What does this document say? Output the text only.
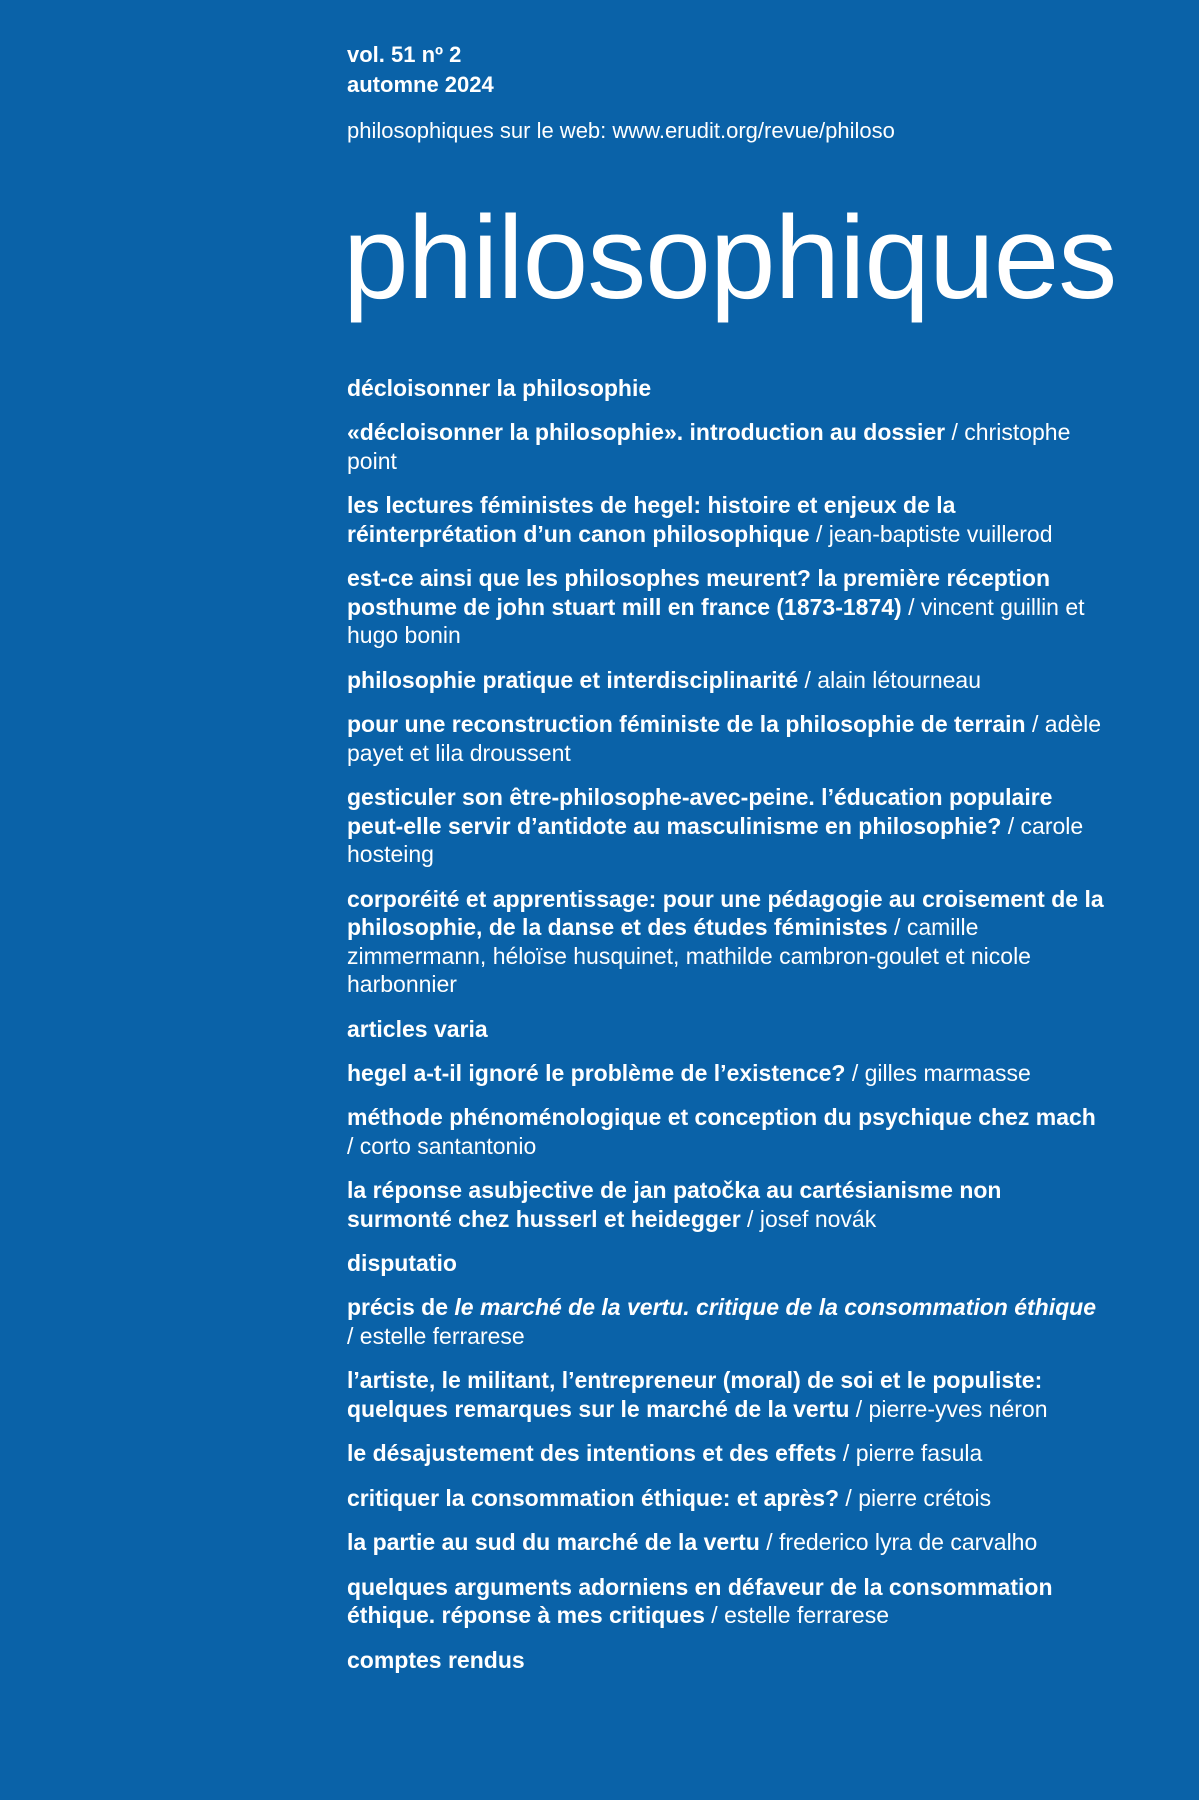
vol. 51 nº 2
automne 2024
philosophiques sur le web: www.erudit.org/revue/philoso
philosophiques
décloisonner la philosophie
«décloisonner la philosophie». introduction au dossier / christophe point
les lectures féministes de hegel: histoire et enjeux de la réinterprétation d’un canon philosophique / jean-baptiste vuillerod
est-ce ainsi que les philosophes meurent? la première réception posthume de john stuart mill en france (1873-1874) / vincent guillin et hugo bonin
philosophie pratique et interdisciplinarité / alain létourneau
pour une reconstruction féministe de la philosophie de terrain / adèle payet et lila droussent
gesticuler son être-philosophe-avec-peine. l’éducation populaire peut-elle servir d’antidote au masculinisme en philosophie? / carole hosteing
corporéité et apprentissage: pour une pédagogie au croisement de la philosophie, de la danse et des études féministes / camille zimmermann, héloïse husquinet, mathilde cambron-goulet et nicole harbonnier
articles varia
hegel a-t-il ignoré le problème de l’existence? / gilles marmasse
méthode phénoménologique et conception du psychique chez mach / corto santantonio
la réponse asubjective de jan patočka au cartésianisme non surmonté chez husserl et heidegger / josef novák
disputatio
précis de le marché de la vertu. critique de la consommation éthique / estelle ferrarese
l’artiste, le militant, l’entrepreneur (moral) de soi et le populiste: quelques remarques sur le marché de la vertu / pierre-yves néron
le désajustement des intentions et des effets / pierre fasula
critiquer la consommation éthique: et après? / pierre crétois
la partie au sud du marché de la vertu / frederico lyra de carvalho
quelques arguments adorniens en défaveur de la consommation éthique. réponse à mes critiques / estelle ferrarese
comptes rendus
